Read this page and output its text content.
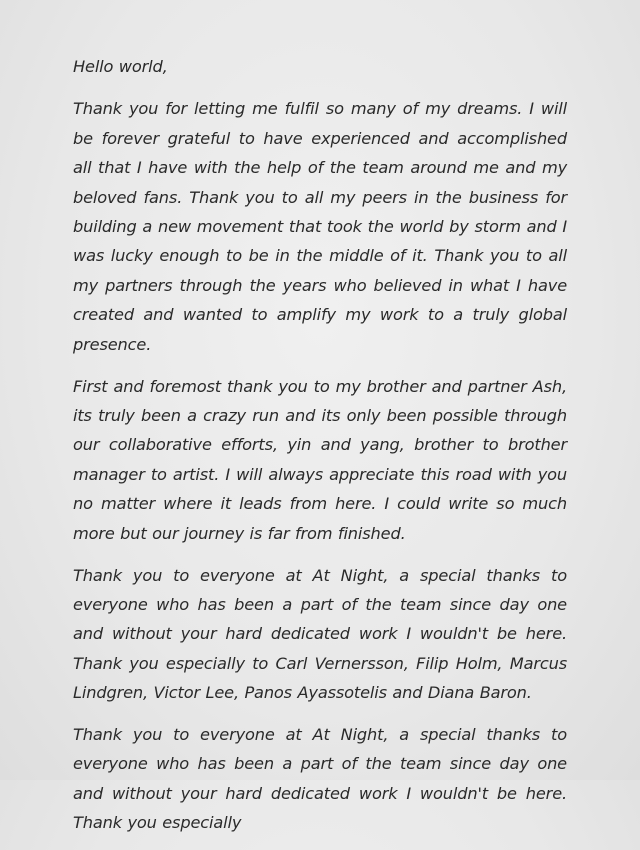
Hello world,

Thank you for letting me fulfil so many of my dreams. I will be forever grateful to have experienced and accomplished all that I have with the help of the team around me and my beloved fans. Thank you to all my peers in the business for building a new movement that took the world by storm and I was lucky enough to be in the middle of it. Thank you to all my partners through the years who believed in what I have created and wanted to amplify my work to a truly global presence.

First and foremost thank you to my brother and partner Ash, its truly been a crazy run and its only been possible through our collaborative efforts, yin and yang, brother to brother manager to artist. I will always appreciate this road with you no matter where it leads from here. I could write so much more but our journey is far from finished.

Thank you to everyone at At Night, a special thanks to everyone who has been a part of the team since day one and without your hard dedicated work I wouldn't be here. Thank you especially to Carl Vernersson, Filip Holm, Marcus Lindgren, Victor Lee, Panos Ayassotelis and Diana Baron.

Thank you to everyone at At Night, a special thanks to everyone who has been a part of the team since day one and without your hard dedicated work I wouldn't be here. Thank you especially
